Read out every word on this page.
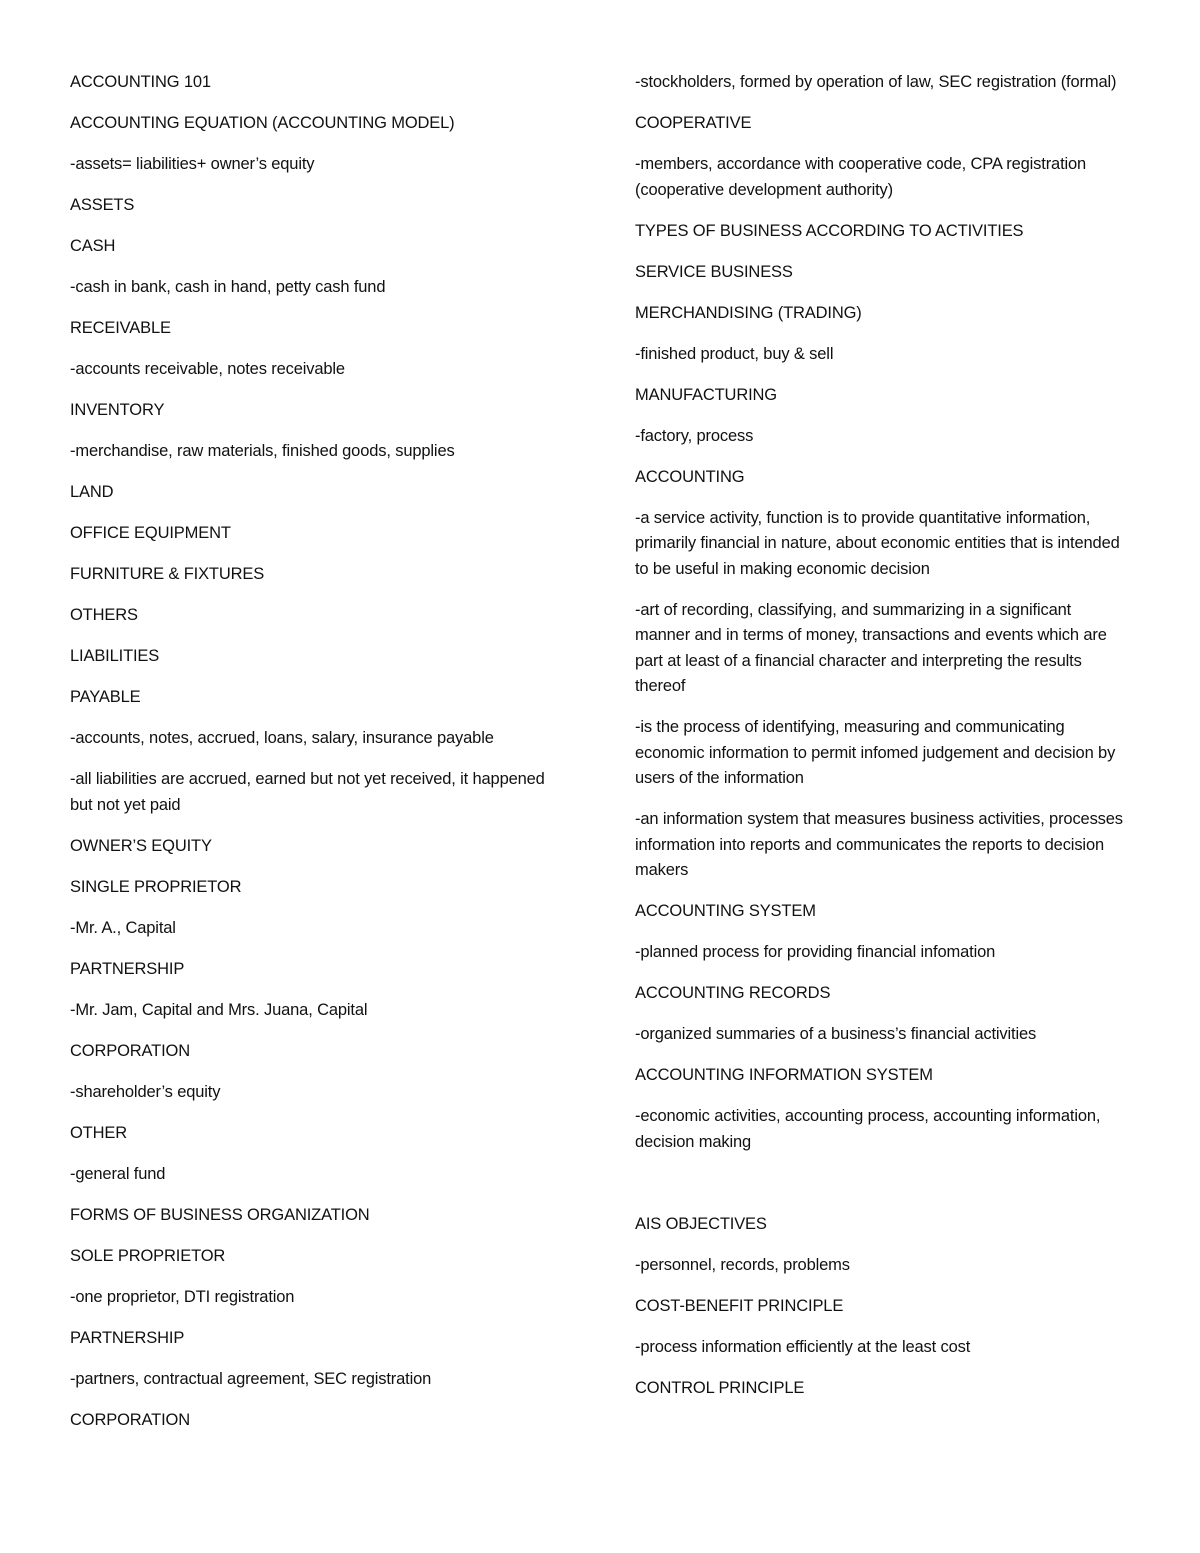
ACCOUNTING 101

ACCOUNTING EQUATION (ACCOUNTING MODEL)

-assets= liabilities+ owner’s equity

ASSETS

CASH

-cash in bank, cash in hand, petty cash fund

RECEIVABLE

-accounts receivable, notes receivable

INVENTORY

-merchandise, raw materials, finished goods, supplies

LAND

OFFICE EQUIPMENT

FURNITURE & FIXTURES

OTHERS

LIABILITIES

PAYABLE

-accounts, notes, accrued, loans, salary, insurance payable

-all liabilities are accrued, earned but not yet received, it happened but not yet paid

OWNER’S EQUITY

SINGLE PROPRIETOR

-Mr. A., Capital

PARTNERSHIP

-Mr. Jam, Capital and Mrs. Juana, Capital

CORPORATION

-shareholder’s equity

OTHER

-general fund

FORMS OF BUSINESS ORGANIZATION

SOLE PROPRIETOR

-one proprietor, DTI registration

PARTNERSHIP

-partners, contractual agreement, SEC registration

CORPORATION

-stockholders, formed by operation of law, SEC registration (formal)

COOPERATIVE

-members, accordance with cooperative code, CPA registration (cooperative development authority)

TYPES OF BUSINESS ACCORDING TO ACTIVITIES

SERVICE BUSINESS

MERCHANDISING (TRADING)

-finished product, buy & sell

MANUFACTURING

-factory, process

ACCOUNTING

-a service activity, function is to provide quantitative information, primarily financial in nature, about economic entities that is intended to be useful in making economic decision

-art of recording, classifying, and summarizing in a significant manner and in terms of money, transactions and events which are part at least of a financial character and interpreting the results thereof

-is the process of identifying, measuring and communicating economic information to permit infomed judgement and decision by users of the information

-an information system that measures business activities, processes information into reports and communicates the reports to decision makers

ACCOUNTING SYSTEM

-planned process for providing financial infomation

ACCOUNTING RECORDS

-organized summaries of a business’s financial activities

ACCOUNTING INFORMATION SYSTEM

-economic activities, accounting process, accounting information, decision making

AIS OBJECTIVES

-personnel, records, problems

COST-BENEFIT PRINCIPLE

-process information efficiently at the least cost

CONTROL PRINCIPLE
